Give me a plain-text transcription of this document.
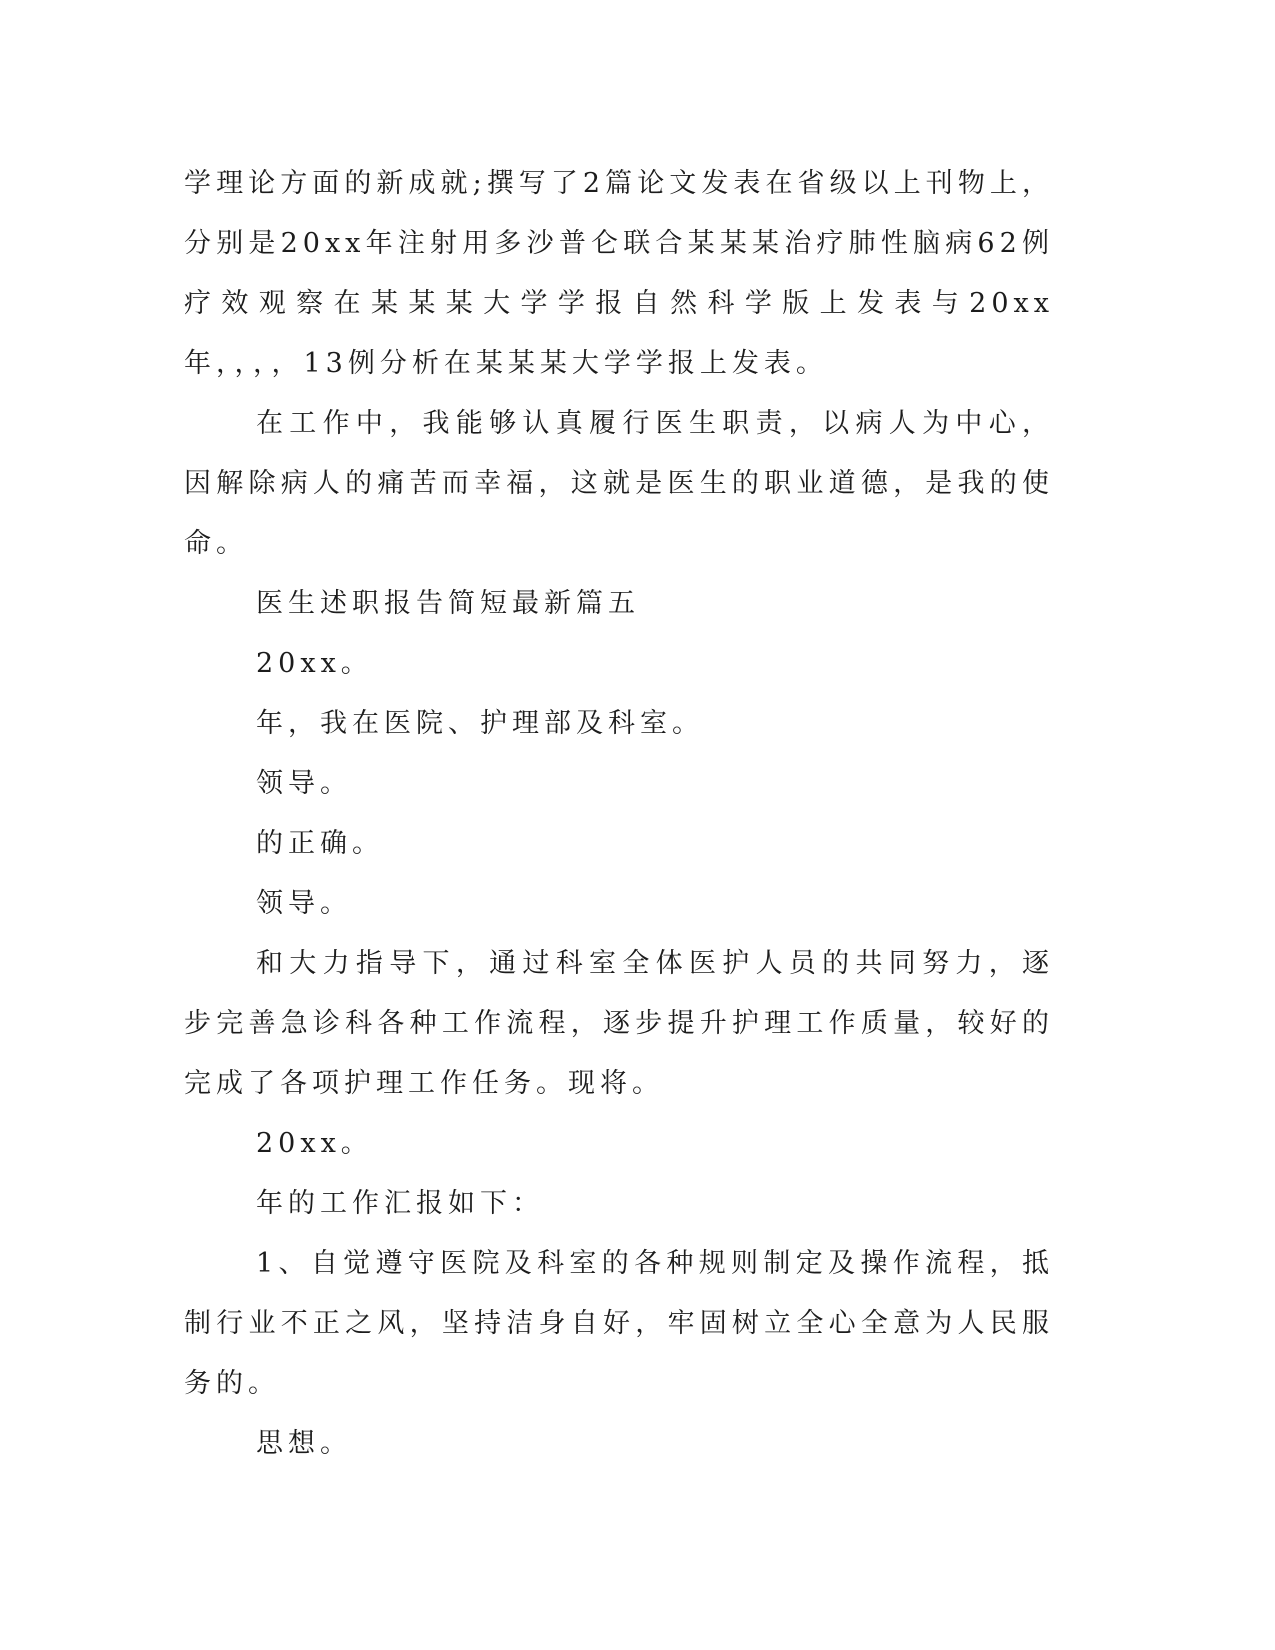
学理论方面的新成就;撰写了2篇论文发表在省级以上刊物上，分别是20xx年注射用多沙普仑联合某某某治疗肺性脑病62例疗效观察在某某某大学学报自然科学版上发表与20xx年，，，，13例分析在某某某大学学报上发表。

在工作中，我能够认真履行医生职责，以病人为中心，因解除病人的痛苦而幸福，这就是医生的职业道德，是我的使命。

医生述职报告简短最新篇五

20xx。

年，我在医院、护理部及科室。

领导。

的正确。

领导。

和大力指导下，通过科室全体医护人员的共同努力，逐步完善急诊科各种工作流程，逐步提升护理工作质量，较好的完成了各项护理工作任务。现将。

20xx。

年的工作汇报如下：

1、自觉遵守医院及科室的各种规则制定及操作流程，抵制行业不正之风，坚持洁身自好，牢固树立全心全意为人民服务的。

思想。
